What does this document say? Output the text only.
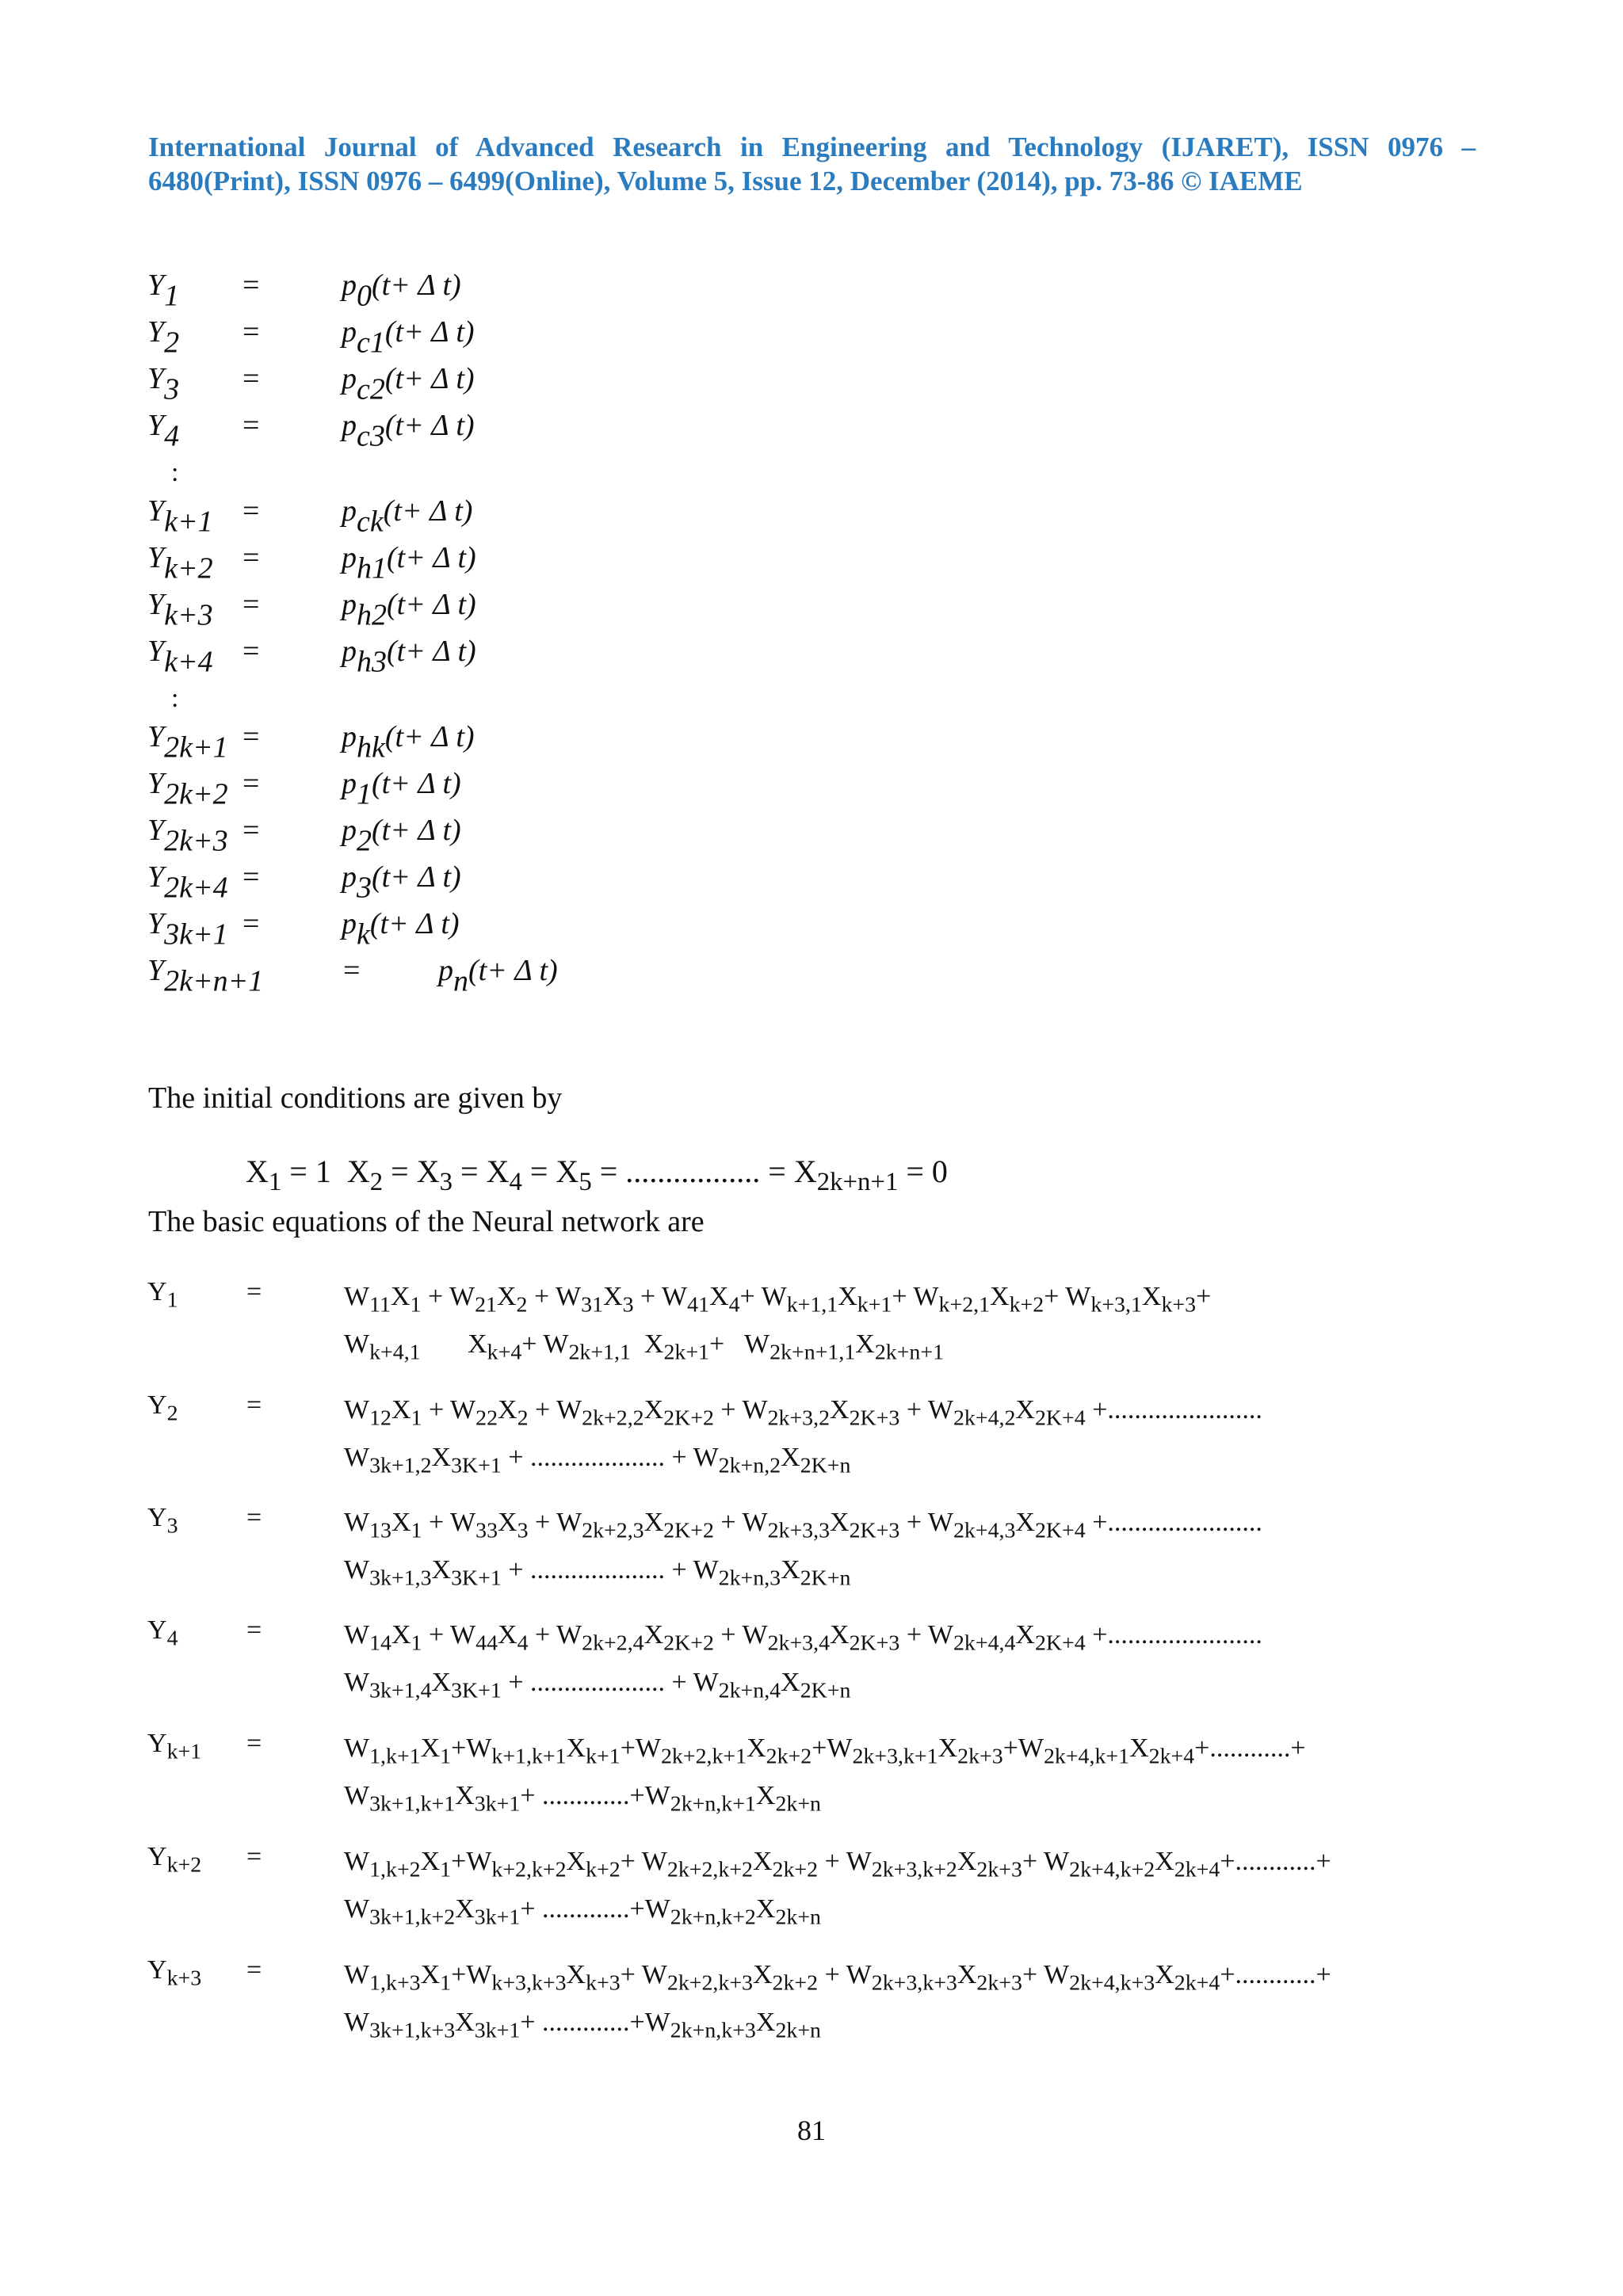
International Journal of Advanced Research in Engineering and Technology (IJARET), ISSN 0976 –
6480(Print), ISSN 0976 – 6499(Online), Volume 5, Issue 12, December (2014), pp. 73-86 © IAEME
:
:
$Y_1$ =	$p_0(t+ \Delta$ t)
$Y_2$ =	$p_{c1}(t+ \Delta$ t)
$Y_3$ =	$p_{c2}(t+ \Delta$ t)
$Y_4$ =	$p_{c3}(t+ \Delta$ t)
$Y_{k+1}$ =	$p_{ck}(t+ \Delta$ t)
$Y_{k+2}$ =	$p_{h1}(t+ \Delta$ t)
$Y_{k+3}$ =	$p_{h2}(t+ \Delta$ t)
$Y_{k+4}$ =	$p_{h3}(t+ \Delta$ t)
$Y_{2k+1}$ =	$p_{hk}(t+ \Delta$ t)
$Y_{2k+2}$ =	$p_1(t+ \Delta$ t)
$Y_{2k+3}$ =	$p_2(t+ \Delta$ t)
$Y_{2k+4}$ =	$p_3(t+ \Delta$ t)
$Y_{3k+1}$ =	$p_k(t+ \Delta$ t)
$Y_{2k+n+1}$	=	$p_n(t+ \Delta$ t)
The initial conditions are given by
$X_1 = 1$  $X_2 = X_3 = X_4 = X_5$ = ................. = $X_{2k+n+1} = 0$
The basic equations of the Neural network are
$Y_1$	=	$W_{11}X_1 + W_{21}X_2 + W_{31}X_3 + W_{41}X_4+ W_{k+1,1}X_{k+1}+ W_{k+2,1}X_{k+2}+ W_{k+3,1}X_{k+3}+$
$W_{k+4,1}$       $X_{k+4}+ W_{2k+1,1}$  $X_{2k+1}+ W_{2k+n+1,1}X_{2k+n+1}$
$Y_2$	=	$W_{12}X_1 + W_{22}X_2 + W_{2k+2,2}X_{2K+2} + W_{2k+3,2}X_{2K+3} + W_{2k+4,2}X_{2K+4}$ +.......................
$W_{3k+1,2}X_{3K+1}$ + .................... + $W_{2k+n,2}X_{2K+n}$
$Y_3$	=	$W_{13}X_1 + W_{33}X_3 + W_{2k+2,3}X_{2K+2} + W_{2k+3,3}X_{2K+3} + W_{2k+4,3}X_{2K+4}$ +.......................
$W_{3k+1,3}X_{3K+1}$ + .................... + $W_{2k+n,3}X_{2K+n}$
$Y_4$	=	$W_{14}X_1 + W_{44}X_4 + W_{2k+2,4}X_{2K+2} + W_{2k+3,4}X_{2K+3} + W_{2k+4,4}X_{2K+4}$ +.......................
$W_{3k+1,4}X_{3K+1}$ + .................... + $W_{2k+n,4}X_{2K+n}$
$Y_{k+1}$ =	$W_{1,k+1}X_1+W_{k+1,k+1}X_{k+1}+W_{2k+2,k+1}X_{2k+2}+W_{2k+3,k+1}X_{2k+3}+W_{2k+4,k+1}X_{2k+4}+............+$
$W_{3k+1,k+1}X_{3k+1}+ .............+W_{2k+n,k+1}X_{2k+n}$
$Y_{k+2}$ =	$W_{1,k+2}X_1+W_{k+2,k+2}X_{k+2}+ W_{2k+2,k+2}X_{2k+2} + W_{2k+3,k+2}X_{2k+3}+ W_{2k+4,k+2}X_{2k+4}+............+$
$W_{3k+1,k+2}X_{3k+1}+ .............+W_{2k+n,k+2}X_{2k+n}$
$Y_{k+3}$ =	$W_{1,k+3}X_1+W_{k+3,k+3}X_{k+3}+ W_{2k+2,k+3}X_{2k+2} + W_{2k+3,k+3}X_{2k+3}+ W_{2k+4,k+3}X_{2k+4}+............+$
$W_{3k+1,k+3}X_{3k+1}+ .............+W_{2k+n,k+3}X_{2k+n}$
81
